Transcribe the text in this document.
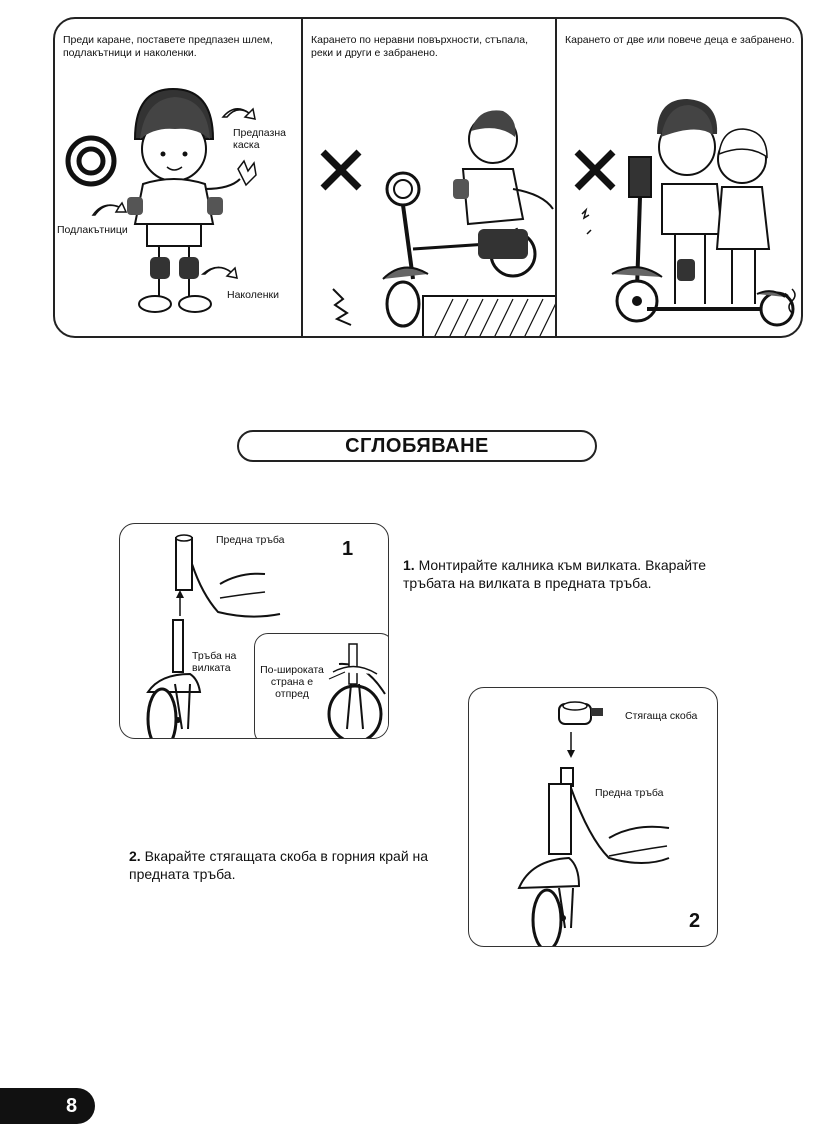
Преди каране, поставете предпазен шлем, подлакътници и наколенки.
Предпазна каска
Подлакътници
Наколенки
Карането по неравни повърхности, стъпала, реки и други е забранено.
Карането от две или повече деца е забранено.
СГЛОБЯВАНЕ
1
Предна тръба
Тръба на вилката	По-широката страна е отпред
1. Монтирайте калника към вилката. Вкарайте тръбата на вилката в предната тръба.
2
Стягаща скоба
Предна тръба
2. Вкарайте стягащата скоба в горния край на предната тръба.
8
